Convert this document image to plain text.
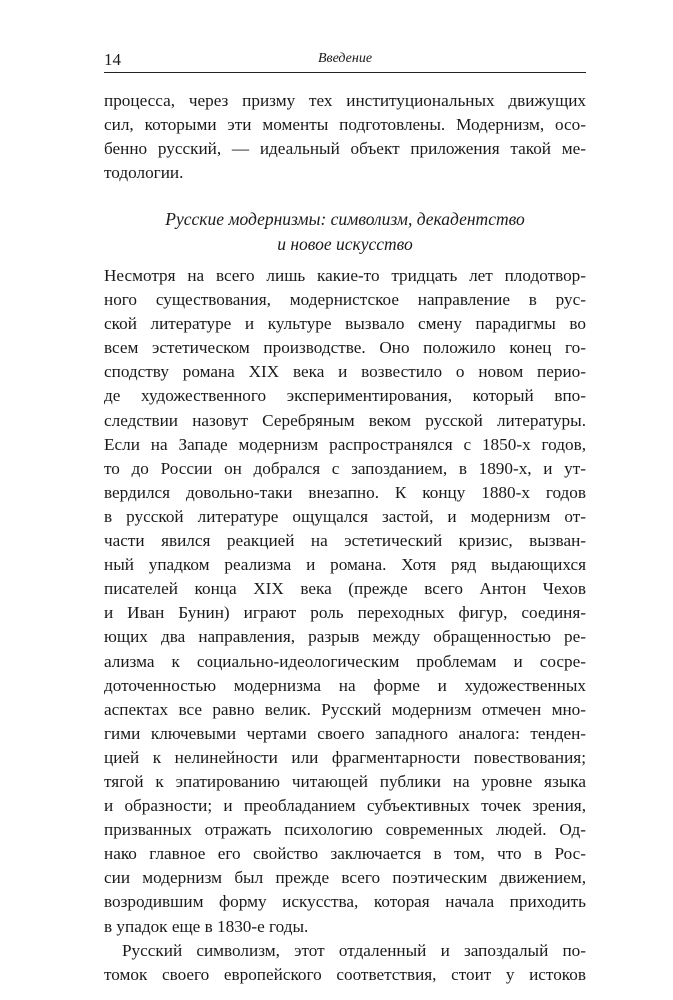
14	Введение
процесса, через призму тех институциональных движущих
сил, которыми эти моменты подготовлены. Модернизм, осо-
бенно русский, — идеальный объект приложения такой ме-
тодологии.
Русские модернизмы: символизм, декадентство
и новое искусство
Несмотря на всего лишь какие-то тридцать лет плодотвор-
ного существования, модернистское направление в рус-
ской литературе и культуре вызвало смену парадигмы во
всем эстетическом производстве. Оно положило конец го-
сподству романа XIX века и возвестило о новом перио-
де художественного экспериментирования, который впо-
следствии назовут Серебряным веком русской литературы.
Если на Западе модернизм распространялся с 1850-х годов,
то до России он добрался с запозданием, в 1890-х, и ут-
вердился довольно-таки внезапно. К концу 1880-х годов
в русской литературе ощущался застой, и модернизм от-
части явился реакцией на эстетический кризис, вызван-
ный упадком реализма и романа. Хотя ряд выдающихся
писателей конца XIX века (прежде всего Антон Чехов
и Иван Бунин) играют роль переходных фигур, соединя-
ющих два направления, разрыв между обращенностью ре-
ализма к социально-идеологическим проблемам и сосре-
доточенностью модернизма на форме и художественных
аспектах все равно велик. Русский модернизм отмечен мно-
гими ключевыми чертами своего западного аналога: тенден-
цией к нелинейности или фрагментарности повествования;
тягой к эпатированию читающей публики на уровне языка
и образности; и преобладанием субъективных точек зрения,
призванных отражать психологию современных людей. Од-
нако главное его свойство заключается в том, что в Рос-
сии модернизм был прежде всего поэтическим движением,
возродившим форму искусства, которая начала приходить
в упадок еще в 1830-е годы.
Русский символизм, этот отдаленный и запоздалый по-
томок своего европейского соответствия, стоит у истоков
